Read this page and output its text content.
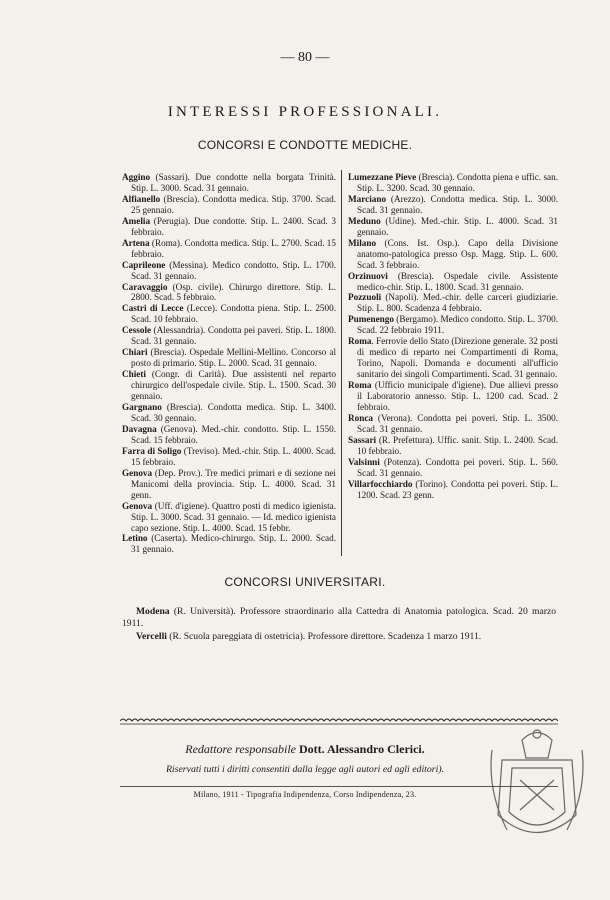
— 80 —
INTERESSI PROFESSIONALI.
CONCORSI E CONDOTTE MEDICHE.

Aggino (Sassari). Due condotte nella borgata Trinità. Stip. L. 3000. Scad. 31 gennaio.

Alfianello (Brescia). Condotta medica. Stip. 3700. Scad. 25 gennaio.

Amelia (Perugia). Due condotte. Stip. L. 2400. Scad. 3 febbraio.

Artena (Roma). Condotta medica. Stip. L. 2700. Scad. 15 febbraio.

Caprileone (Messina). Medico condotto. Stip. L. 1700. Scad. 31 gennaio.

Caravaggio (Osp. civile). Chirurgo direttore. Stip. L. 2800. Scad. 5 febbraio.

Castri di Lecce (Lecce). Condotta piena. Stip. L. 2500. Scad. 10 febbraio.

Cessole (Alessandria). Condotta pei paveri. Stip. L. 1800. Scad. 31 gennaio.

Chiari (Brescia). Ospedale Mellini-Mellino. Concorso al posto di primario. Stip. L. 2000. Scad. 31 gennaio.

Chieti (Congr. di Carità). Due assistenti nel reparto chirurgico dell'ospedale civile. Stip. L. 1500. Scad. 30 gennaio.

Gargnano (Brescia). Condotta medica. Stip. L. 3400. Scad. 30 gennaio.

Davagna (Genova). Med.-chir. condotto. Stip. L. 1550. Scad. 15 febbraio.

Farra di Soligo (Treviso). Med.-chir. Stip. L. 4000. Scad. 15 febbraio.

Genova (Dep. Prov.). Tre medici primari e di sezione nei Manicomi della provincia. Stip. L. 4000. Scad. 31 genn.

Genova (Uff. d'igiene). Quattro posti di medico igienista. Stip. L. 3000. Scad. 31 gennaio. — Id. medico igienista capo sezione. Stip. L. 4000. Scad. 15 febbr.

Letino (Caserta). Medico-chirurgo. Stip. L. 2000. Scad. 31 gennaio.

Lumezzane Pieve (Brescia). Condotta piena e uffic. san. Stip. L. 3200. Scad. 30 gennaio.

Marciano (Arezzo). Condotta medica. Stip. L. 3000. Scad. 31 gennaio.

Meduno (Udine). Med.-chir. Stip. L. 4000. Scad. 31 gennaio.

Milano (Cons. Ist. Osp.). Capo della Divisione anatomo-patologica presso Osp. Magg. Stip. L. 600. Scad. 3 febbraio.

Orzinuovi (Brescia). Ospedale civile. Assistente medico-chir. Stip. L. 1800. Scad. 31 gennaio.

Pozzuoli (Napoli). Med.-chir. delle carceri giudiziarie. Stip. L. 800. Scadenza 4 febbraio.

Pumenengo (Bergamo). Medico condotto. Stip. L. 3700. Scad. 22 febbraio 1911.

Roma. Ferrovie dello Stato (Direzione generale. 32 posti di medico di reparto nei Compartimenti di Roma, Torino, Napoli. Domanda e documenti all'ufficio sanitario dei singoli Compartimenti. Scad. 31 gennaio.

Roma (Ufficio municipale d'igiene). Due allievi presso il Laboratorio annesso. Stip. L. 1200 cad. Scad. 2 febbraio.

Ronca (Verona). Condotta pei poveri. Stip. L. 3500. Scad. 31 gennaio.

Sassari (R. Prefettura). Uffic. sanit. Stip. L. 2400. Scad. 10 febbraio.

Valsinni (Potenza). Condotta pei poveri. Stip. L. 560. Scad. 31 gennaio.

Villarfocchiardo (Torino). Condotta pei poveri. Stip. L. 1200. Scad. 23 genn.

CONCORSI UNIVERSITARI.

Modena (R. Università). Professore straordinario alla Cattedra di Anatomia patologica. Scad. 20 marzo 1911.

Vercelli (R. Scuola pareggiata di ostetricia). Professore direttore. Scadenza 1 marzo 1911.

Redattore responsabile Dott. Alessandro Clerici.
Riservati tutti i diritti consentiti dalla legge agli autori ed agli editori).
Milano, 1911 - Tipografia Indipendenza, Corso Indipendenza, 23.
